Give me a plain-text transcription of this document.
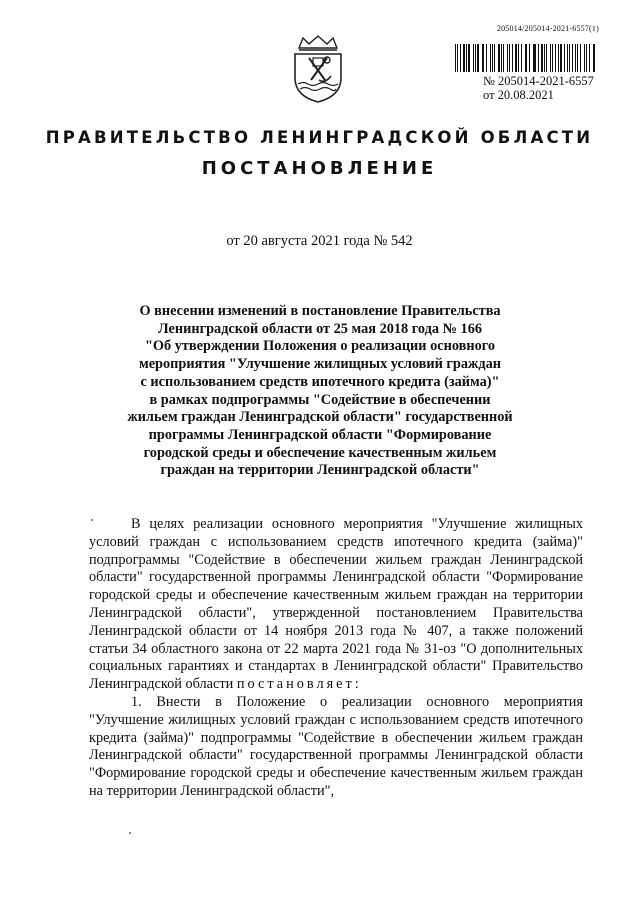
205014/205014-2021-6557(1)
№ 205014-2021-6557
от 20.08.2021
ПРАВИТЕЛЬСТВО ЛЕНИНГРАДСКОЙ ОБЛАСТИ
ПОСТАНОВЛЕНИЕ
от 20 августа 2021 года № 542
О внесении изменений в постановление Правительства
Ленинградской области от 25 мая 2018 года № 166
"Об утверждении Положения о реализации основного
мероприятия "Улучшение жилищных условий граждан
с использованием средств ипотечного кредита (займа)"
в рамках подпрограммы "Содействие в обеспечении
жильем граждан Ленинградской области" государственной
программы Ленинградской области "Формирование
городской среды и обеспечение качественным жильем
граждан на территории Ленинградской области"

В целях реализации основного мероприятия "Улучшение жилищных условий граждан с использованием средств ипотечного кредита (займа)" подпрограммы "Содействие в обеспечении жильем граждан Ленинградской области" государственной программы Ленинградской области "Формирование городской среды и обеспечение качественным жильем граждан на территории Ленинградской области", утвержденной постановлением Правительства Ленинградской области от 14 ноября 2013 года № 407, а также положений статьи 34 областного закона от 22 марта 2021 года № 31-оз "О дополнительных социальных гарантиях и стандартах в Ленинградской области" Правительство Ленинградской области постановляет:

1. Внести в Положение о реализации основного мероприятия "Улучшение жилищных условий граждан с использованием средств ипотечного кредита (займа)" подпрограммы "Содействие в обеспечении жильем граждан Ленинградской области" государственной программы Ленинградской области "Формирование городской среды и обеспечение качественным жильем граждан на территории Ленинградской области",
